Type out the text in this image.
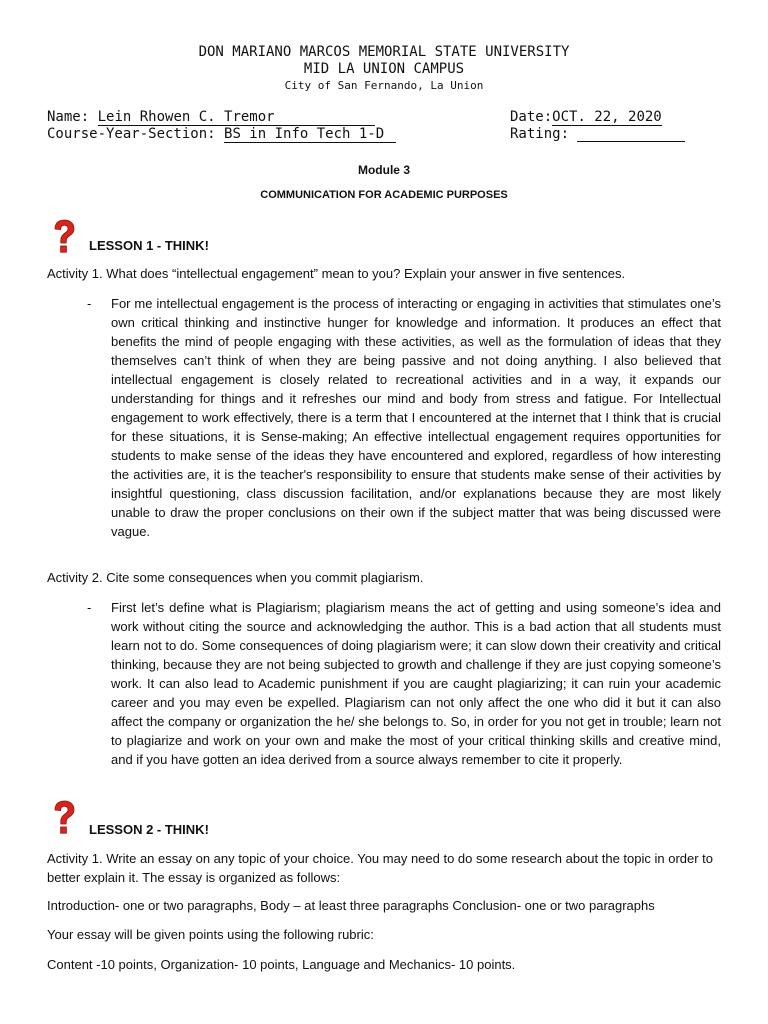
DON MARIANO MARCOS MEMORIAL STATE UNIVERSITY
MID LA UNION CAMPUS
City of San Fernando, La Union
Name: Lein Rhowen C. Tremor
Course-Year-Section: BS in Info Tech 1-D
Date:OCT. 22, 2020
Rating:
Module 3
COMMUNICATION FOR ACADEMIC PURPOSES
LESSON 1 - THINK!
Activity 1. What does “intellectual engagement” mean to you? Explain your answer in five sentences.
- For me intellectual engagement is the process of interacting or engaging in activities that stimulates one’s own critical thinking and instinctive hunger for knowledge and information. It produces an effect that benefits the mind of people engaging with these activities, as well as the formulation of ideas that they themselves can’t think of when they are being passive and not doing anything. I also believed that intellectual engagement is closely related to recreational activities and in a way, it expands our understanding for things and it refreshes our mind and body from stress and fatigue. For Intellectual engagement to work effectively, there is a term that I encountered at the internet that I think that is crucial for these situations, it is Sense-making; An effective intellectual engagement requires opportunities for students to make sense of the ideas they have encountered and explored, regardless of how interesting the activities are, it is the teacher's responsibility to ensure that students make sense of their activities by insightful questioning, class discussion facilitation, and/or explanations because they are most likely unable to draw the proper conclusions on their own if the subject matter that was being discussed were vague.
Activity 2. Cite some consequences when you commit plagiarism.
- First let’s define what is Plagiarism; plagiarism means the act of getting and using someone’s idea and work without citing the source and acknowledging the author. This is a bad action that all students must learn not to do. Some consequences of doing plagiarism were; it can slow down their creativity and critical thinking, because they are not being subjected to growth and challenge if they are just copying someone’s work. It can also lead to Academic punishment if you are caught plagiarizing; it can ruin your academic career and you may even be expelled. Plagiarism can not only affect the one who did it but it can also affect the company or organization the he/ she belongs to. So, in order for you not get in trouble; learn not to plagiarize and work on your own and make the most of your critical thinking skills and creative mind, and if you have gotten an idea derived from a source always remember to cite it properly.
LESSON 2 - THINK!
Activity 1. Write an essay on any topic of your choice. You may need to do some research about the topic in order to better explain it. The essay is organized as follows:
Introduction- one or two paragraphs, Body – at least three paragraphs Conclusion- one or two paragraphs
Your essay will be given points using the following rubric:
Content -10 points, Organization- 10 points, Language and Mechanics- 10 points.
